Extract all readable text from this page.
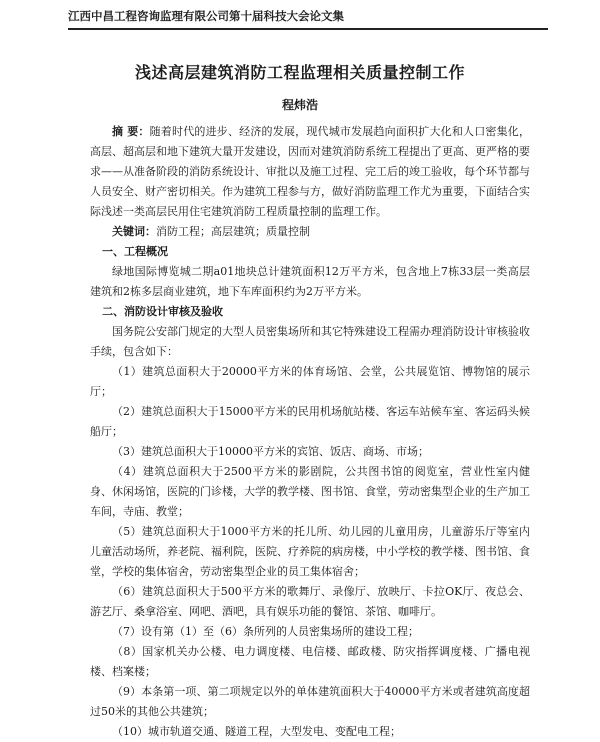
江西中昌工程咨询监理有限公司第十届科技大会论文集
浅述高层建筑消防工程监理相关质量控制工作
程炜浩

摘 要：随着时代的进步、经济的发展，现代城市发展趋向面积扩大化和人口密集化，高层、超高层和地下建筑大量开发建设，因而对建筑消防系统工程提出了更高、更严格的要求——从准备阶段的消防系统设计、审批以及施工过程、完工后的竣工验收，每个环节都与人员安全、财产密切相关。作为建筑工程参与方，做好消防监理工作尤为重要，下面结合实际浅述一类高层民用住宅建筑消防工程质量控制的监理工作。

关键词：消防工程；高层建筑；质量控制

一、工程概况

绿地国际博览城二期a01地块总计建筑面积12万平方米，包含地上7栋33层一类高层建筑和2栋多层商业建筑，地下车库面积约为2万平方米。

二、消防设计审核及验收

国务院公安部门规定的大型人员密集场所和其它特殊建设工程需办理消防设计审核验收手续，包含如下：

（1）建筑总面积大于20000平方米的体育场馆、会堂，公共展览馆、博物馆的展示厅；

（2）建筑总面积大于15000平方米的民用机场航站楼、客运车站候车室、客运码头候船厅；

（3）建筑总面积大于10000平方米的宾馆、饭店、商场、市场；

（4）建筑总面积大于2500平方米的影剧院，公共图书馆的阅览室，营业性室内健身、休闲场馆，医院的门诊楼，大学的教学楼、图书馆、食堂，劳动密集型企业的生产加工车间，寺庙、教堂；

（5）建筑总面积大于1000平方米的托儿所、幼儿园的儿童用房，儿童游乐厅等室内儿童活动场所，养老院、福利院，医院、疗养院的病房楼，中小学校的教学楼、图书馆、食堂，学校的集体宿舍，劳动密集型企业的员工集体宿舍；

（6）建筑总面积大于500平方米的歌舞厅、录像厅、放映厅、卡拉OK厅、夜总会、游艺厅、桑拿浴室、网吧、酒吧，具有娱乐功能的餐馆、茶馆、咖啡厅。

（7）设有第（1）至（6）条所列的人员密集场所的建设工程；

（8）国家机关办公楼、电力调度楼、电信楼、邮政楼、防灾指挥调度楼、广播电视楼、档案楼；

（9）本条第一项、第二项规定以外的单体建筑面积大于40000平方米或者建筑高度超过50米的其他公共建筑；

（10）城市轨道交通、隧道工程，大型发电、变配电工程；
